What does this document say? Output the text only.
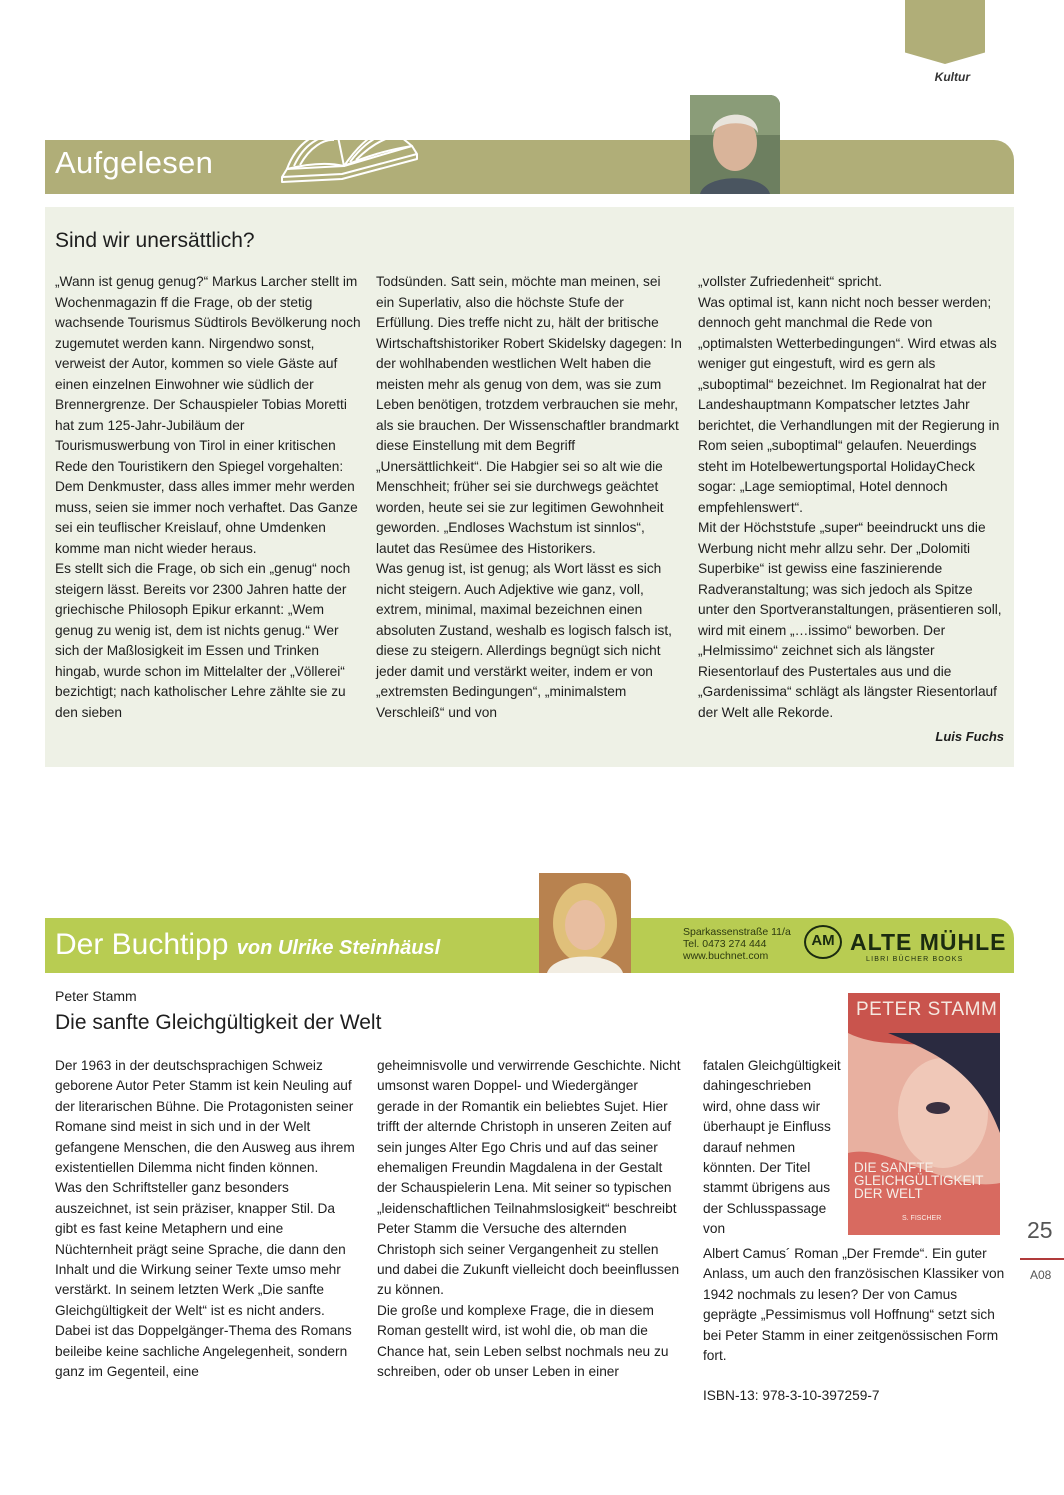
Kultur
Aufgelesen
Sind wir unersättlich?
„Wann ist genug genug?“ Markus Larcher stellt im Wochenmagazin ff die Frage, ob der stetig wachsende Tourismus Südtirols Bevölkerung noch zugemutet werden kann. Nirgendwo sonst, verweist der Autor, kommen so viele Gäste auf einen einzelnen Einwohner wie südlich der Brennergrenze. Der Schauspieler Tobias Moretti hat zum 125-Jahr-Jubiläum der Tourismuswerbung von Tirol in einer kritischen Rede den Touristikern den Spiegel vorgehalten: Dem Denkmuster, dass alles immer mehr werden muss, seien sie immer noch verhaftet. Das Ganze sei ein teuflischer Kreislauf, ohne Umdenken komme man nicht wieder heraus.
Es stellt sich die Frage, ob sich ein „genug“ noch steigern lässt. Bereits vor 2300 Jahren hatte der griechische Philosoph Epikur erkannt: „Wem genug zu wenig ist, dem ist nichts genug.“ Wer sich der Maßlosigkeit im Essen und Trinken hingab, wurde schon im Mittelalter der „Völlerei“ bezichtigt; nach katholischer Lehre zählte sie zu den sieben
Todsünden. Satt sein, möchte man meinen, sei ein Superlativ, also die höchste Stufe der Erfüllung. Dies treffe nicht zu, hält der britische Wirtschaftshistoriker Robert Skidelsky dagegen: In der wohlhabenden westlichen Welt haben die meisten mehr als genug von dem, was sie zum Leben benötigen, trotzdem verbrauchen sie mehr, als sie brauchen. Der Wissenschaftler brandmarkt diese Einstellung mit dem Begriff „Unersättlichkeit“. Die Habgier sei so alt wie die Menschheit; früher sei sie durchwegs geächtet worden, heute sei sie zur legitimen Gewohnheit geworden. „Endloses Wachstum ist sinnlos“, lautet das Resümee des Historikers.
Was genug ist, ist genug; als Wort lässt es sich nicht steigern. Auch Adjektive wie ganz, voll, extrem, minimal, maximal bezeichnen einen absoluten Zustand, weshalb es logisch falsch ist, diese zu steigern. Allerdings begnügt sich nicht jeder damit und verstärkt weiter, indem er von „extremsten Bedingungen“, „minimalstem Verschleiß“ und von
„vollster Zufriedenheit“ spricht.
Was optimal ist, kann nicht noch besser werden; dennoch geht manchmal die Rede von „optimalsten Wetterbedingungen“. Wird etwas als weniger gut eingestuft, wird es gern als „suboptimal“ bezeichnet. Im Regionalrat hat der Landeshauptmann Kompatscher letztes Jahr berichtet, die Verhandlungen mit der Regierung in Rom seien „suboptimal“ gelaufen. Neuerdings steht im Hotelbewertungsportal HolidayCheck sogar: „Lage semioptimal, Hotel dennoch empfehlenswert“.
Mit der Höchststufe „super“ beeindruckt uns die Werbung nicht mehr allzu sehr. Der „Dolomiti Superbike“ ist gewiss eine faszinierende Radveranstaltung; was sich jedoch als Spitze unter den Sportveranstaltungen, präsentieren soll, wird mit einem „…issimo“ beworben. Der „Helmissimo“ zeichnet sich als längster Riesentorlauf des Pustertales aus und die „Gardenissima“ schlägt als längster Riesentorlauf der Welt alle Rekorde.
Luis Fuchs
Der Buchtipp von Ulrike Steinhäusl
Sparkassenstraße 11/a
Tel. 0473 274 444
www.buchnet.com
AM ALTE MÜHLE
LIBRI BÜCHER BOOKS
Peter Stamm
Die sanfte Gleichgültigkeit der Welt
Der 1963 in der deutschsprachigen Schweiz geborene Autor Peter Stamm ist kein Neuling auf der literarischen Bühne. Die Protagonisten seiner Romane sind meist in sich und in der Welt gefangene Menschen, die den Ausweg aus ihrem existentiellen Dilemma nicht finden können.
Was den Schriftsteller ganz besonders auszeichnet, ist sein präziser, knapper Stil. Da gibt es fast keine Metaphern und eine Nüchternheit prägt seine Sprache, die dann den Inhalt und die Wirkung seiner Texte umso mehr verstärkt. In seinem letzten Werk „Die sanfte Gleichgültigkeit der Welt“ ist es nicht anders. Dabei ist das Doppelgänger-Thema des Romans beileibe keine sachliche Angelegenheit, sondern ganz im Gegenteil, eine
geheimnisvolle und verwirrende Geschichte. Nicht umsonst waren Doppel- und Wiedergänger gerade in der Romantik ein beliebtes Sujet. Hier trifft der alternde Christoph in unseren Zeiten auf sein junges Alter Ego Chris und auf das seiner ehemaligen Freundin Magdalena in der Gestalt der Schauspielerin Lena. Mit seiner so typischen „leidenschaftlichen Teilnahmslosigkeit“ beschreibt Peter Stamm die Versuche des alternden Christoph sich seiner Vergangenheit zu stellen und dabei die Zukunft vielleicht doch beeinflussen zu können.
Die große und komplexe Frage, die in diesem Roman gestellt wird, ist wohl die, ob man die Chance hat, sein Leben selbst nochmals neu zu schreiben, oder ob unser Leben in einer
fatalen Gleichgültigkeit dahingeschrieben wird, ohne dass wir überhaupt je Einfluss darauf nehmen könnten. Der Titel stammt übrigens aus der Schlusspassage von
Albert Camus´ Roman „Der Fremde“. Ein guter Anlass, um auch den französischen Klassiker von 1942 nochmals zu lesen? Der von Camus geprägte „Pessimismus voll Hoffnung“ setzt sich bei Peter Stamm in einer zeitgenössischen Form fort.
ISBN-13: 978-3-10-397259-7
PETER STAMM
DIE SANFTE GLEICHGÜLTIGKEIT DER WELT
S. FISCHER	25
A08
